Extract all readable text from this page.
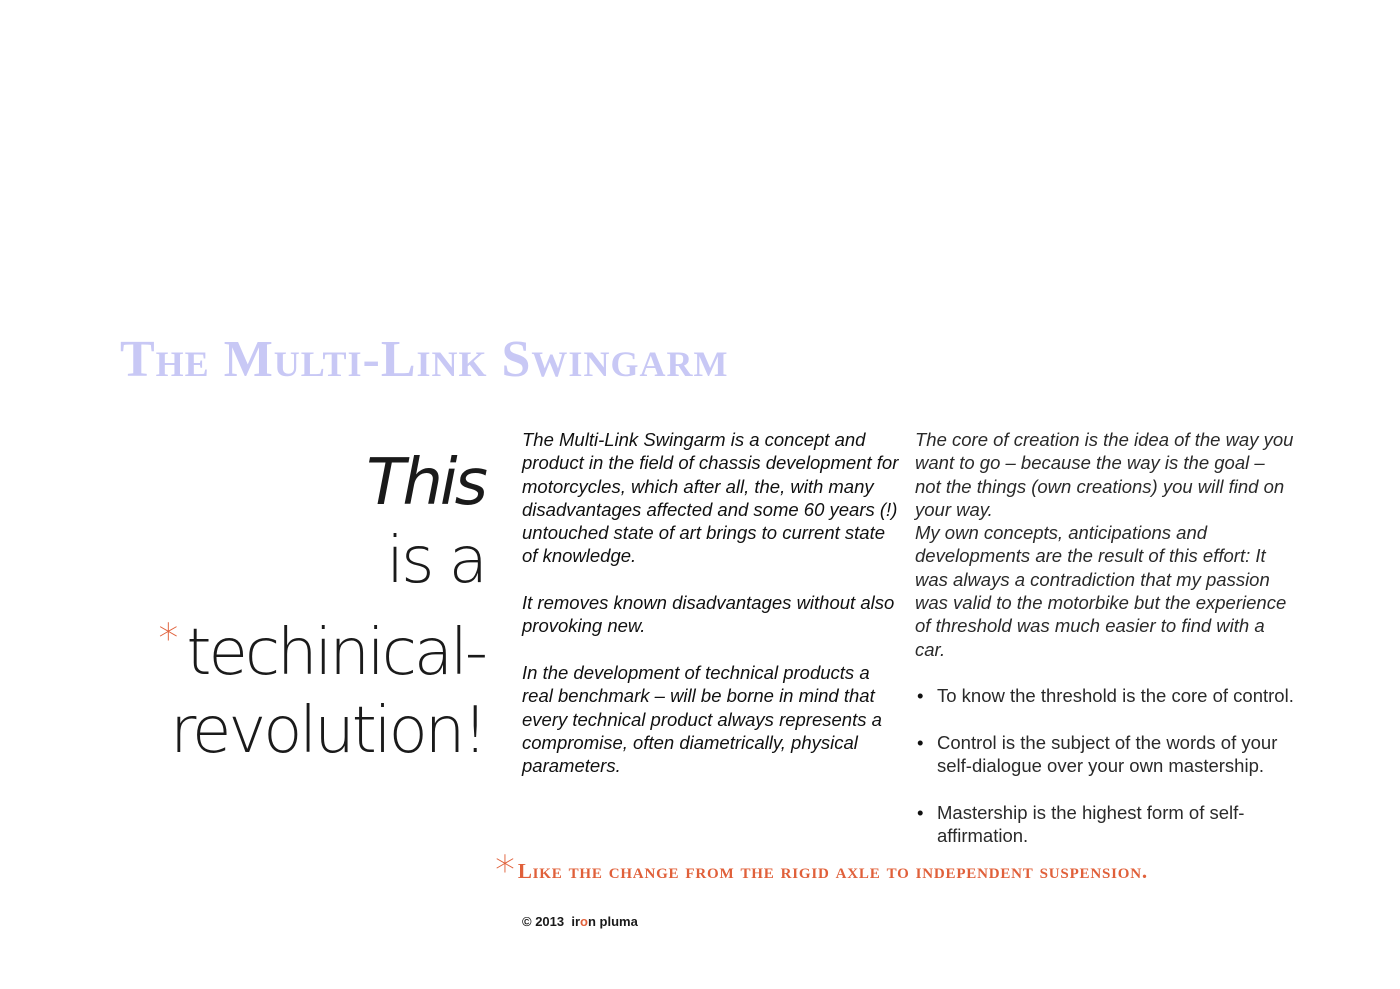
The Multi-Link Swingarm
This
is a
* techinical-
revolution!

The Multi-Link Swingarm is a concept and product in the field of chassis development for motorcycles, which after all, the, with many disadvantages affected and some 60 years (!) untouched state of art brings to current state of knowledge.

It removes known disadvantages without also provoking new.

In the development of technical products a real benchmark – will be borne in mind that every technical product always represents a compromise, often diametrically, physical parameters.

The core of creation is the idea of the way you want to go – because the way is the goal – not the things (own creations) you will find on your way.

My own concepts, anticipations and developments are the result of this effort: It was always a contradiction that my passion was valid to the motorbike but the experience of threshold was much easier to find with a car.

• To know the threshold is the core of control.
• Control is the subject of the words of your self-dialogue over your own mastership.
• Mastership is the highest form of self-affirmation.
*Like the change from the rigid axle to independent suspension.
© 2013 iron pluma
